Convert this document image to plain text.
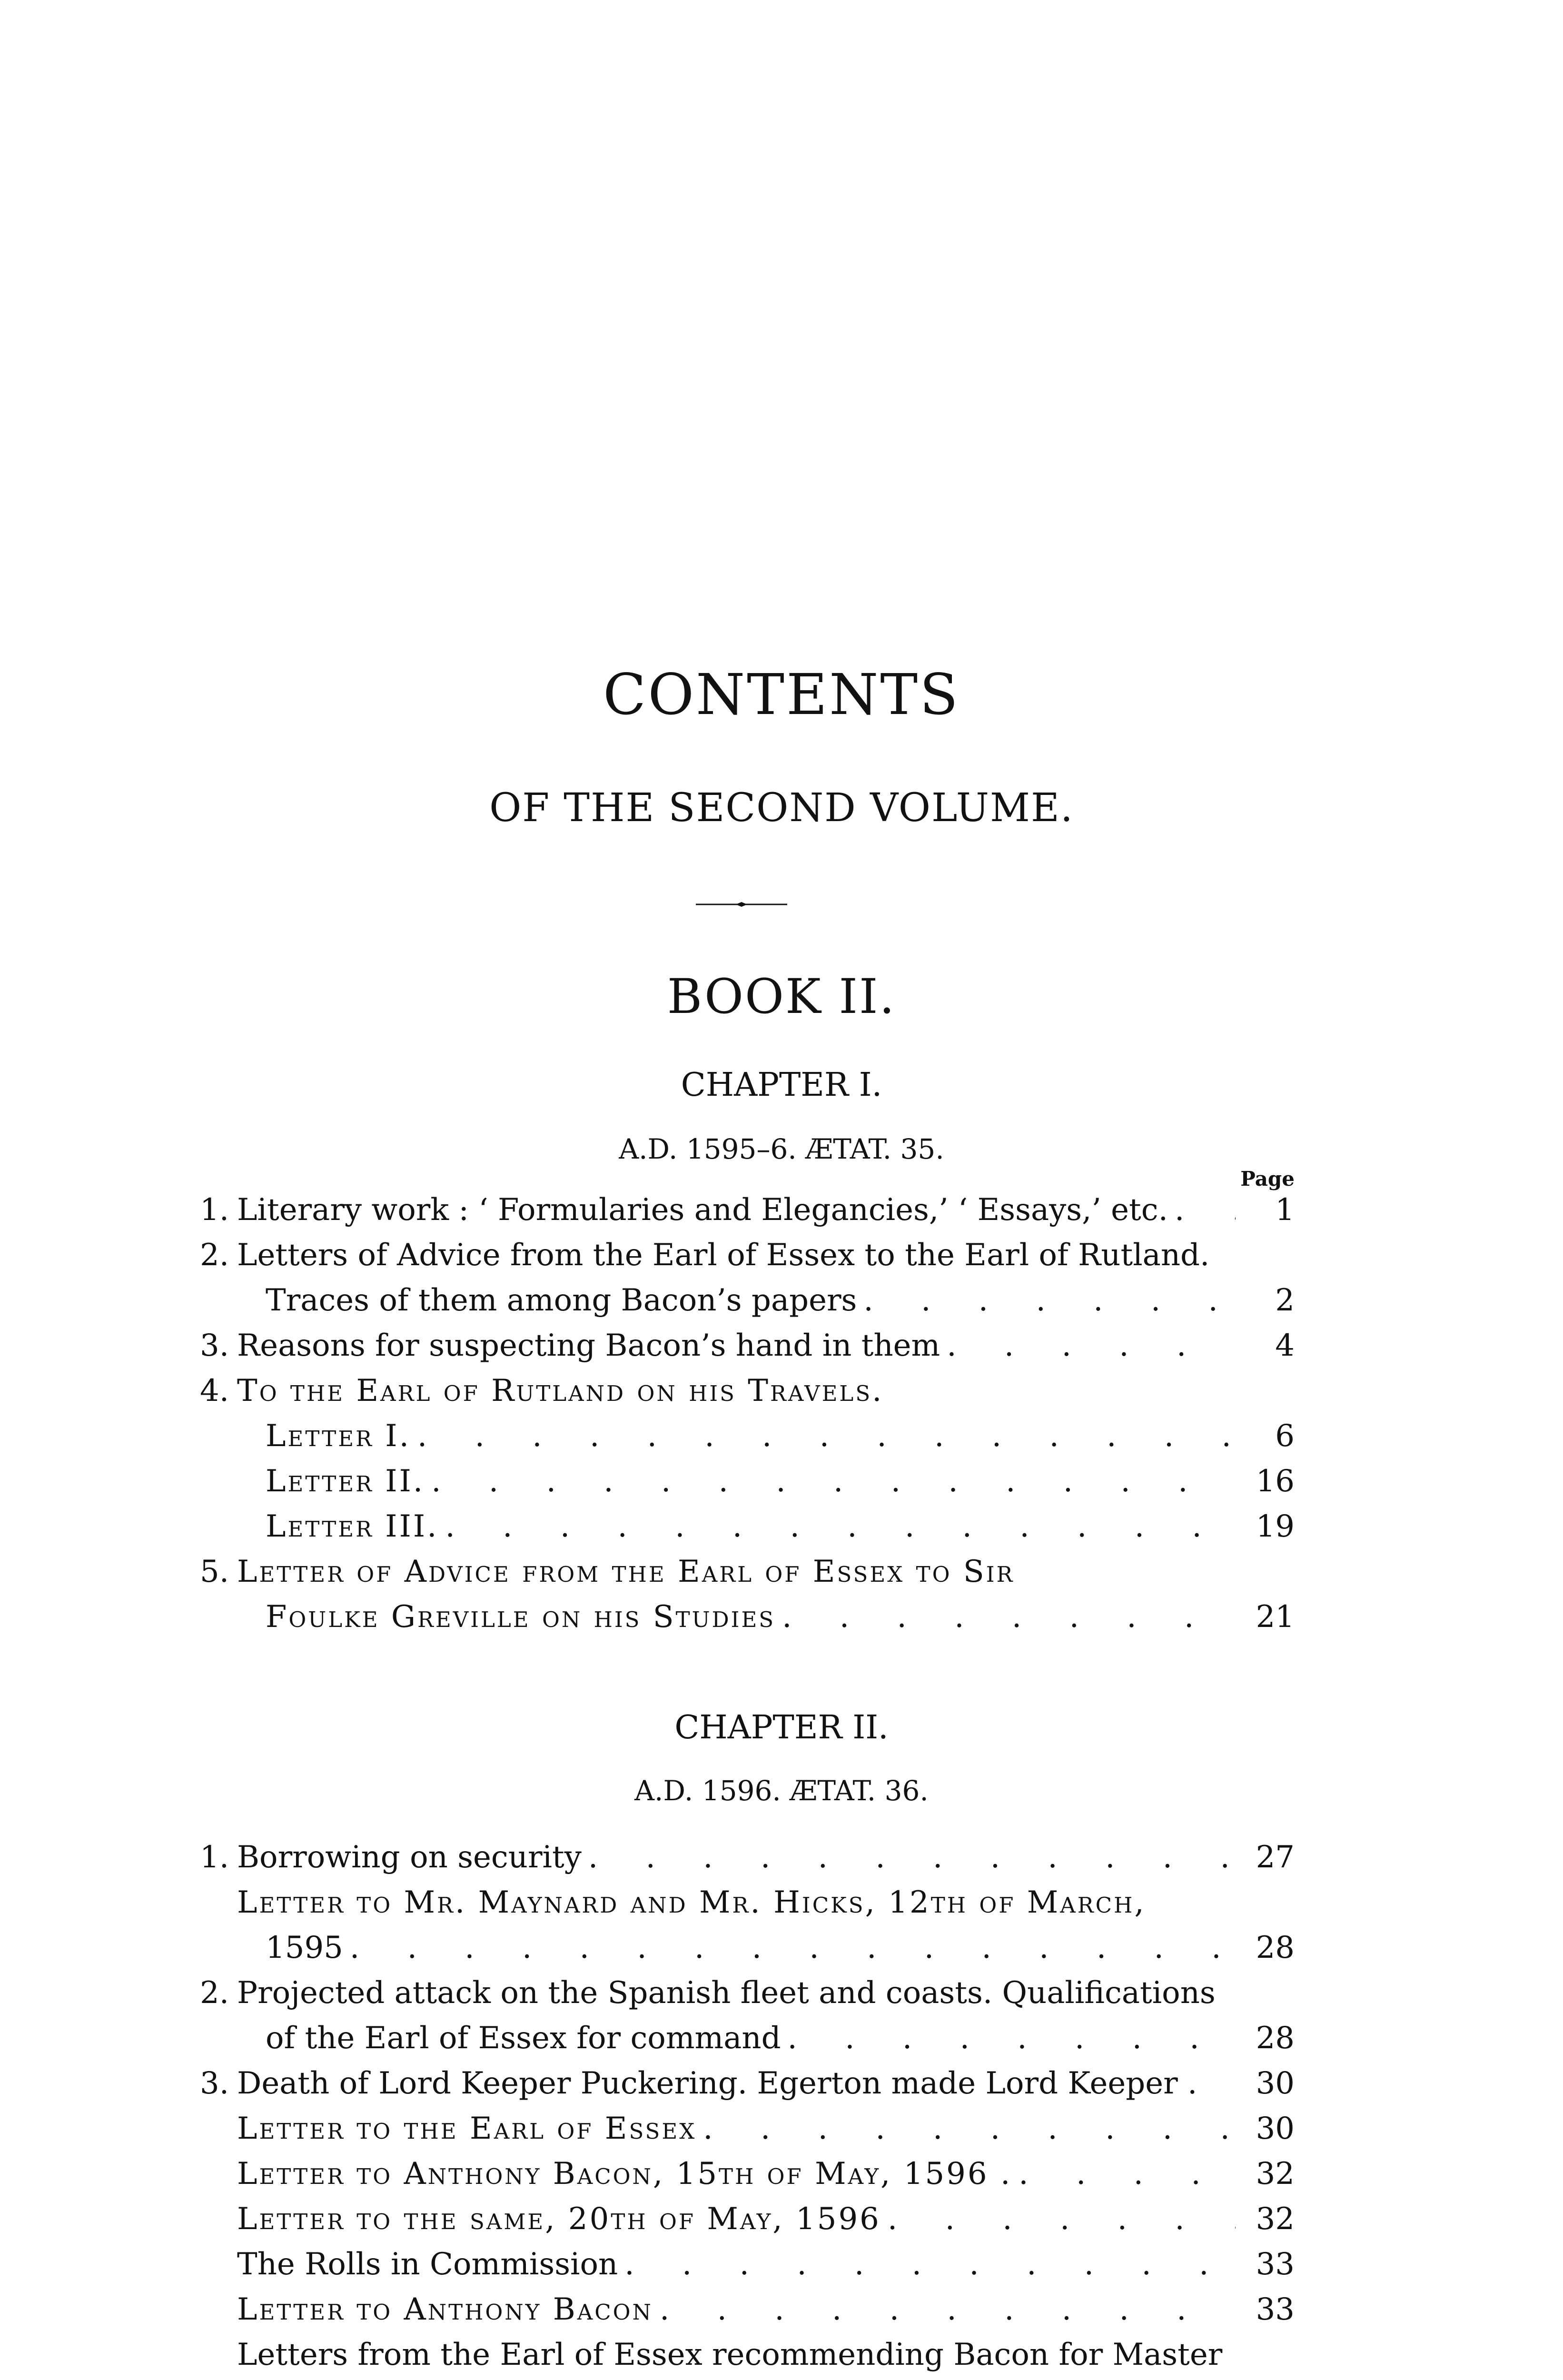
CONTENTS
OF THE SECOND VOLUME.
BOOK II.
CHAPTER I.
A.D. 1595–6. ÆTAT. 35.
Page
1. Literary work : ‘ Formularies and Elegancies,’ ‘ Essays,’ etc. . . .	1
2. Letters of Advice from the Earl of Essex to the Earl of Rutland.
Traces of them among Bacon’s papers . . .	2
3. Reasons for suspecting Bacon’s hand in them . . .	4
4. To the Earl of Rutland on his Travels.
Letter I. . . .	6
Letter II. . . .	16
Letter III. . . .	19
5. Letter of Advice from the Earl of Essex to Sir
Foulke Greville on his Studies . . .	21
CHAPTER II.
A.D. 1596. ÆTAT. 36.
1. Borrowing on security . . .	27
Letter to Mr. Maynard and Mr. Hicks, 12th of March,
1595 . . .	28
2. Projected attack on the Spanish fleet and coasts. Qualifications
of the Earl of Essex for command . . .	28
3. Death of Lord Keeper Puckering. Egerton made Lord Keeper .	30
Letter to the Earl of Essex . . .	30
Letter to Anthony Bacon, 15th of May, 1596 . . . .	32
Letter to the same, 20th of May, 1596 . . .	32
The Rolls in Commission . . .	33
Letter to Anthony Bacon . . .	33
Letters from the Earl of Essex recommending Bacon for Master
. . .
